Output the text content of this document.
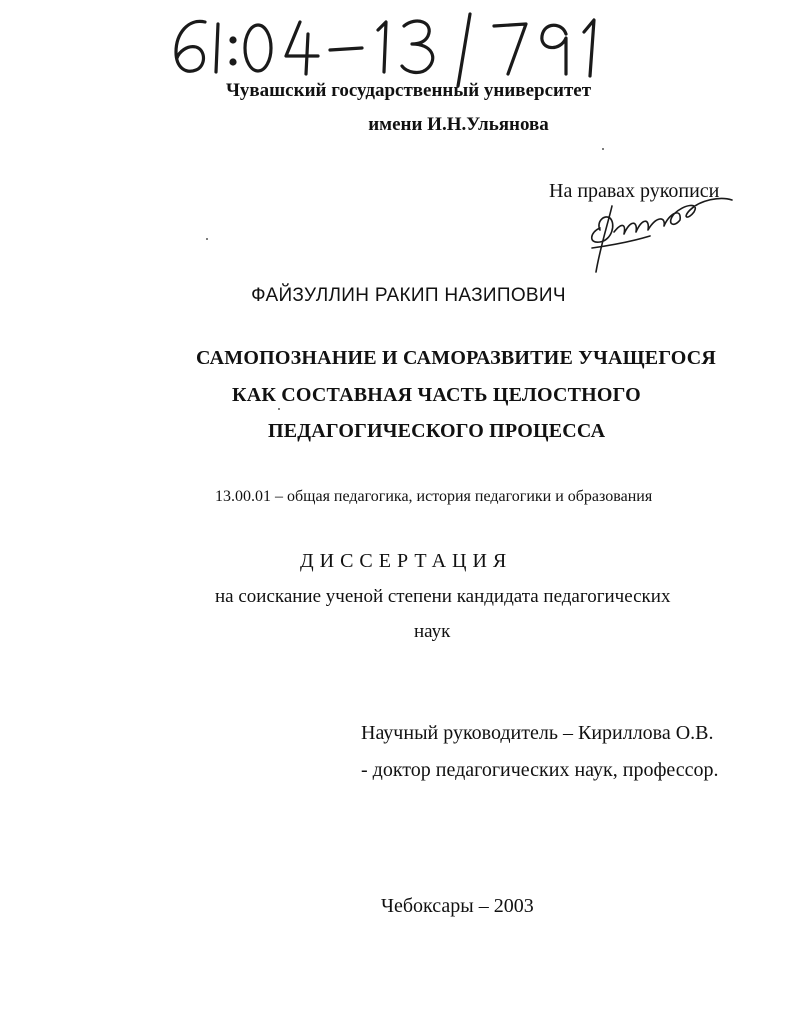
Чувашский государственный университет
имени И.Н.Ульянова
На правах рукописи
ФАЙЗУЛЛИН РАКИП НАЗИПОВИЧ
САМОПОЗНАНИЕ И САМОРАЗВИТИЕ УЧАЩЕГОСЯ
КАК СОСТАВНАЯ ЧАСТЬ ЦЕЛОСТНОГО
ПЕДАГОГИЧЕСКОГО ПРОЦЕССА
13.00.01 – общая педагогика, история педагогики и образования
ДИССЕРТАЦИЯ
на соискание ученой степени кандидата педагогических
наук
Научный руководитель – Кириллова О.В.
- доктор педагогических наук, профессор.
Чебоксары – 2003
